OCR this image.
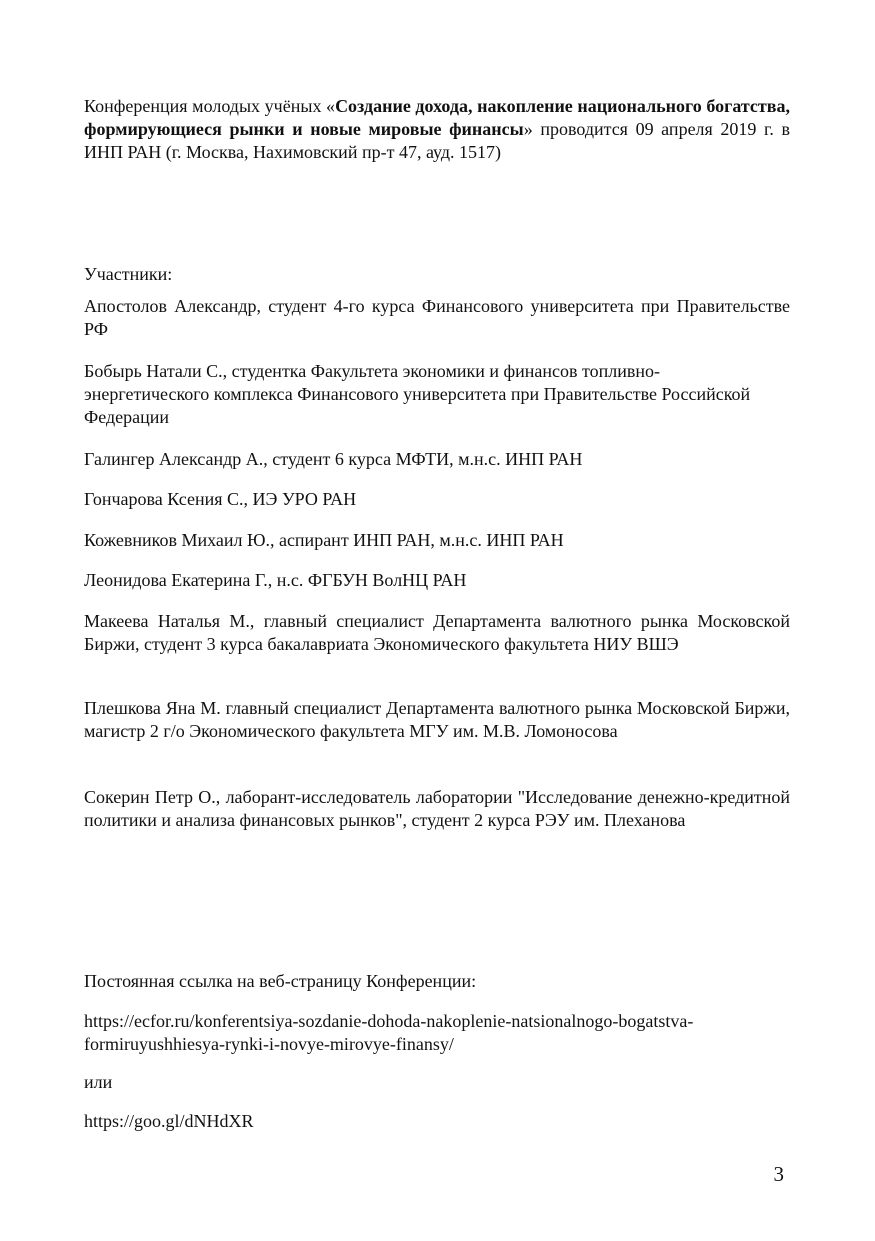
Конференция молодых учёных «Создание дохода, накопление национального богатства, формирующиеся рынки и новые мировые финансы» проводится 09 апреля 2019 г. в ИНП РАН (г. Москва, Нахимовский пр-т 47, ауд. 1517)

Участники:

Апостолов Александр, студент 4-го курса Финансового университета при Правительстве РФ

Бобырь Натали С., студентка Факультета экономики и финансов топливно-энергетического комплекса Финансового университета при Правительстве Российской Федерации

Галингер Александр А., студент 6 курса МФТИ, м.н.с. ИНП РАН

Гончарова Ксения С., ИЭ УРО РАН

Кожевников Михаил Ю., аспирант ИНП РАН, м.н.с. ИНП РАН

Леонидова Екатерина Г., н.с. ФГБУН ВолНЦ РАН

Макеева Наталья М., главный специалист Департамента валютного рынка Московской Биржи, студент 3 курса бакалавриата Экономического факультета НИУ ВШЭ

Плешкова Яна М. главный специалист Департамента валютного рынка Московской Биржи, магистр 2 г/о Экономического факультета МГУ им. М.В. Ломоносова

Сокерин Петр О., лаборант-исследователь лаборатории "Исследование денежно-кредитной политики и анализа финансовых рынков", студент 2 курса РЭУ им. Плеханова

Постоянная ссылка на веб-страницу Конференции:

https://ecfor.ru/konferentsiya-sozdanie-dohoda-nakoplenie-natsionalnogo-bogatstva-formiruyushhiesya-rynki-i-novye-mirovye-finansy/

или

https://goo.gl/dNHdXR

3
